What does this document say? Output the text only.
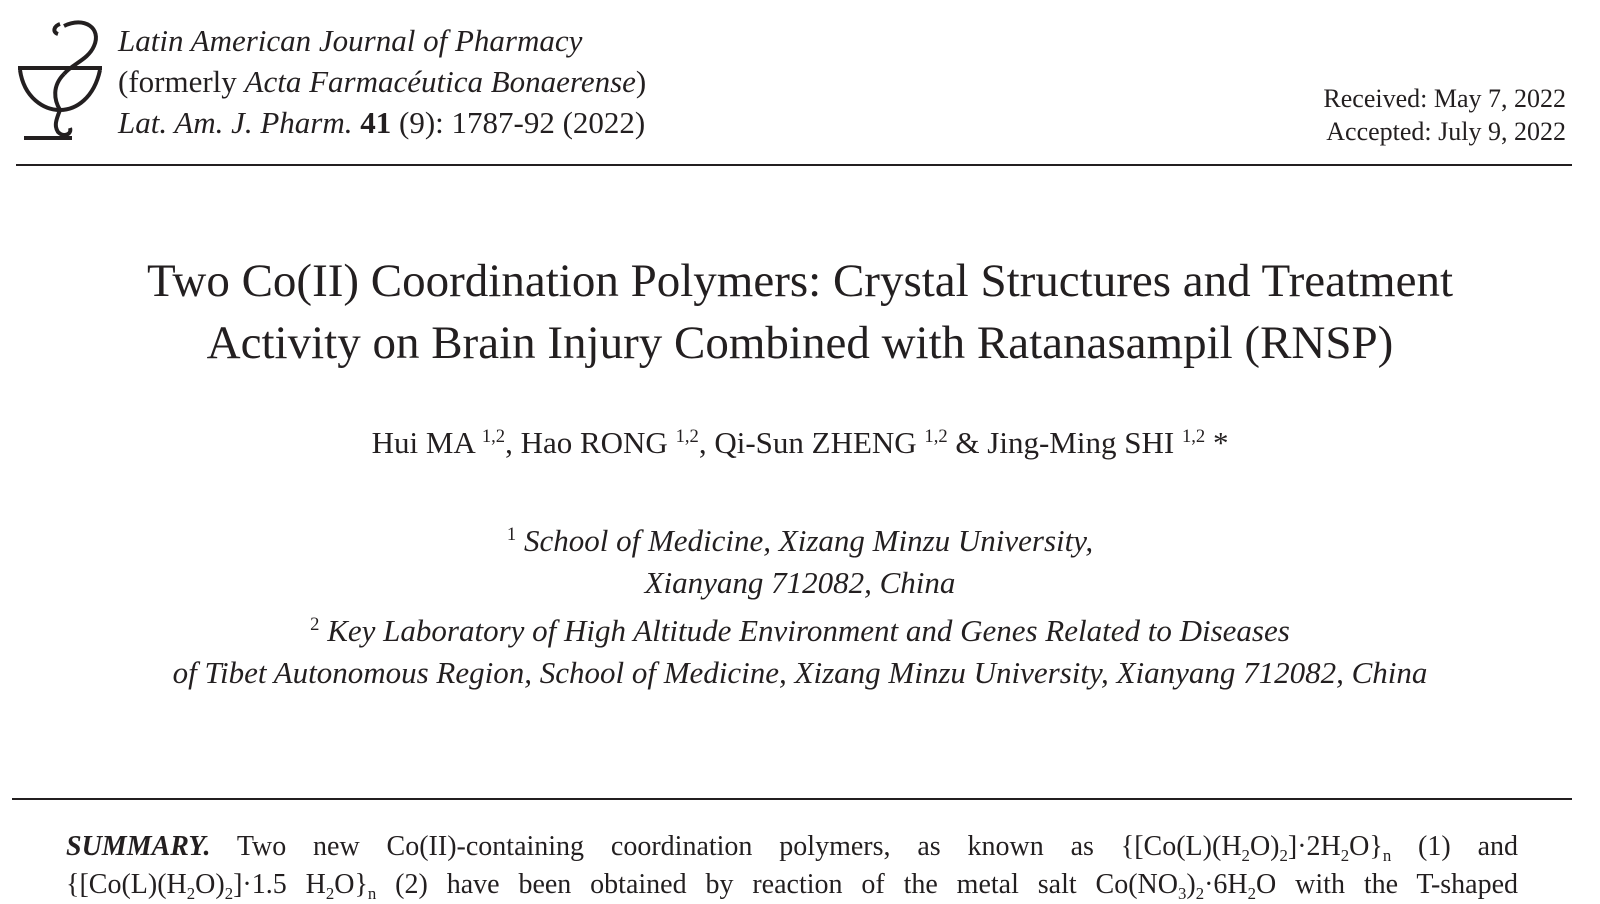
Latin American Journal of Pharmacy
(formerly Acta Farmacéutica Bonaerense)
Lat. Am. J. Pharm. 41 (9): 1787-92 (2022)
Received: May 7, 2022
Accepted: July 9, 2022
Two Co(II) Coordination Polymers: Crystal Structures and Treatment
Activity on Brain Injury Combined with Ratanasampil (RNSP)
Hui MA $^{1,2}$, Hao RONG $^{1,2}$, Qi-Sun ZHENG $^{1,2}$ & Jing-Ming SHI $^{1,2}$ *
$^1$ School of Medicine, Xizang Minzu University,
Xianyang 712082, China
$^2$ Key Laboratory of High Altitude Environment and Genes Related to Diseases
of Tibet Autonomous Region, School of Medicine, Xizang Minzu University, Xianyang 712082, China
SUMMARY. Two new Co(II)-containing coordination polymers, as known as $\{[Co(L)(H_2O)_2]\cdot 2H_2O\}_n$ (1) and
{$[Co(L)(H_2O)_2]\cdot 1.5$ $H_2O\}_n$ (2) have been obtained by reaction of the metal salt $Co(NO_3)_2\cdot 6H_2O$ with the T-shaped
